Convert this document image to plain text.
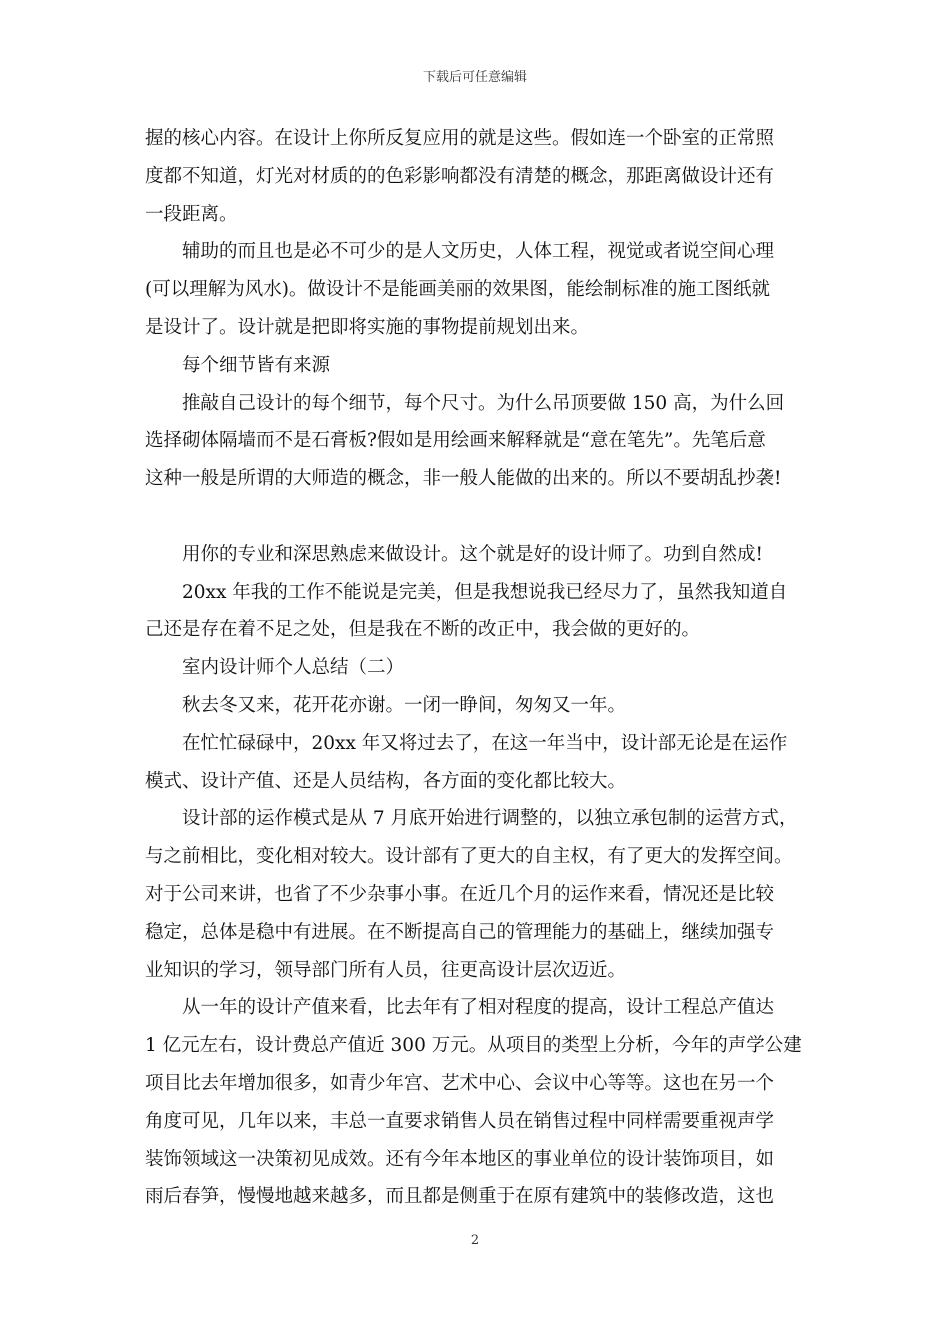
下载后可任意编辑
握的核心内容。在设计上你所反复应用的就是这些。假如连一个卧室的正常照
度都不知道，灯光对材质的的色彩影响都没有清楚的概念，那距离做设计还有
一段距离。
辅助的而且也是必不可少的是人文历史，人体工程，视觉或者说空间心理
(可以理解为风水)。做设计不是能画美丽的效果图，能绘制标准的施工图纸就
是设计了。设计就是把即将实施的事物提前规划出来。
每个细节皆有来源
推敲自己设计的每个细节，每个尺寸。为什么吊顶要做 150 高，为什么回
选择砌体隔墙而不是石膏板?假如是用绘画来解释就是“意在笔先”。先笔后意
这种一般是所谓的大师造的概念，非一般人能做的出来的。所以不要胡乱抄袭!
用你的专业和深思熟虑来做设计。这个就是好的设计师了。功到自然成!
20xx 年我的工作不能说是完美，但是我想说我已经尽力了，虽然我知道自
己还是存在着不足之处，但是我在不断的改正中，我会做的更好的。
室内设计师个人总结（二）
秋去冬又来，花开花亦谢。一闭一睁间，匆匆又一年。
在忙忙碌碌中，20xx 年又将过去了，在这一年当中，设计部无论是在运作
模式、设计产值、还是人员结构，各方面的变化都比较大。
设计部的运作模式是从 7 月底开始进行调整的，以独立承包制的运营方式，
与之前相比，变化相对较大。设计部有了更大的自主权，有了更大的发挥空间。
对于公司来讲，也省了不少杂事小事。在近几个月的运作来看，情况还是比较
稳定，总体是稳中有进展。在不断提高自己的管理能力的基础上，继续加强专
业知识的学习，领导部门所有人员，往更高设计层次迈近。
从一年的设计产值来看，比去年有了相对程度的提高，设计工程总产值达
1 亿元左右，设计费总产值近 300 万元。从项目的类型上分析，今年的声学公建
项目比去年增加很多，如青少年宫、艺术中心、会议中心等等。这也在另一个
角度可见，几年以来，丰总一直要求销售人员在销售过程中同样需要重视声学
装饰领域这一决策初见成效。还有今年本地区的事业单位的设计装饰项目，如
雨后春笋，慢慢地越来越多，而且都是侧重于在原有建筑中的装修改造，这也
2
